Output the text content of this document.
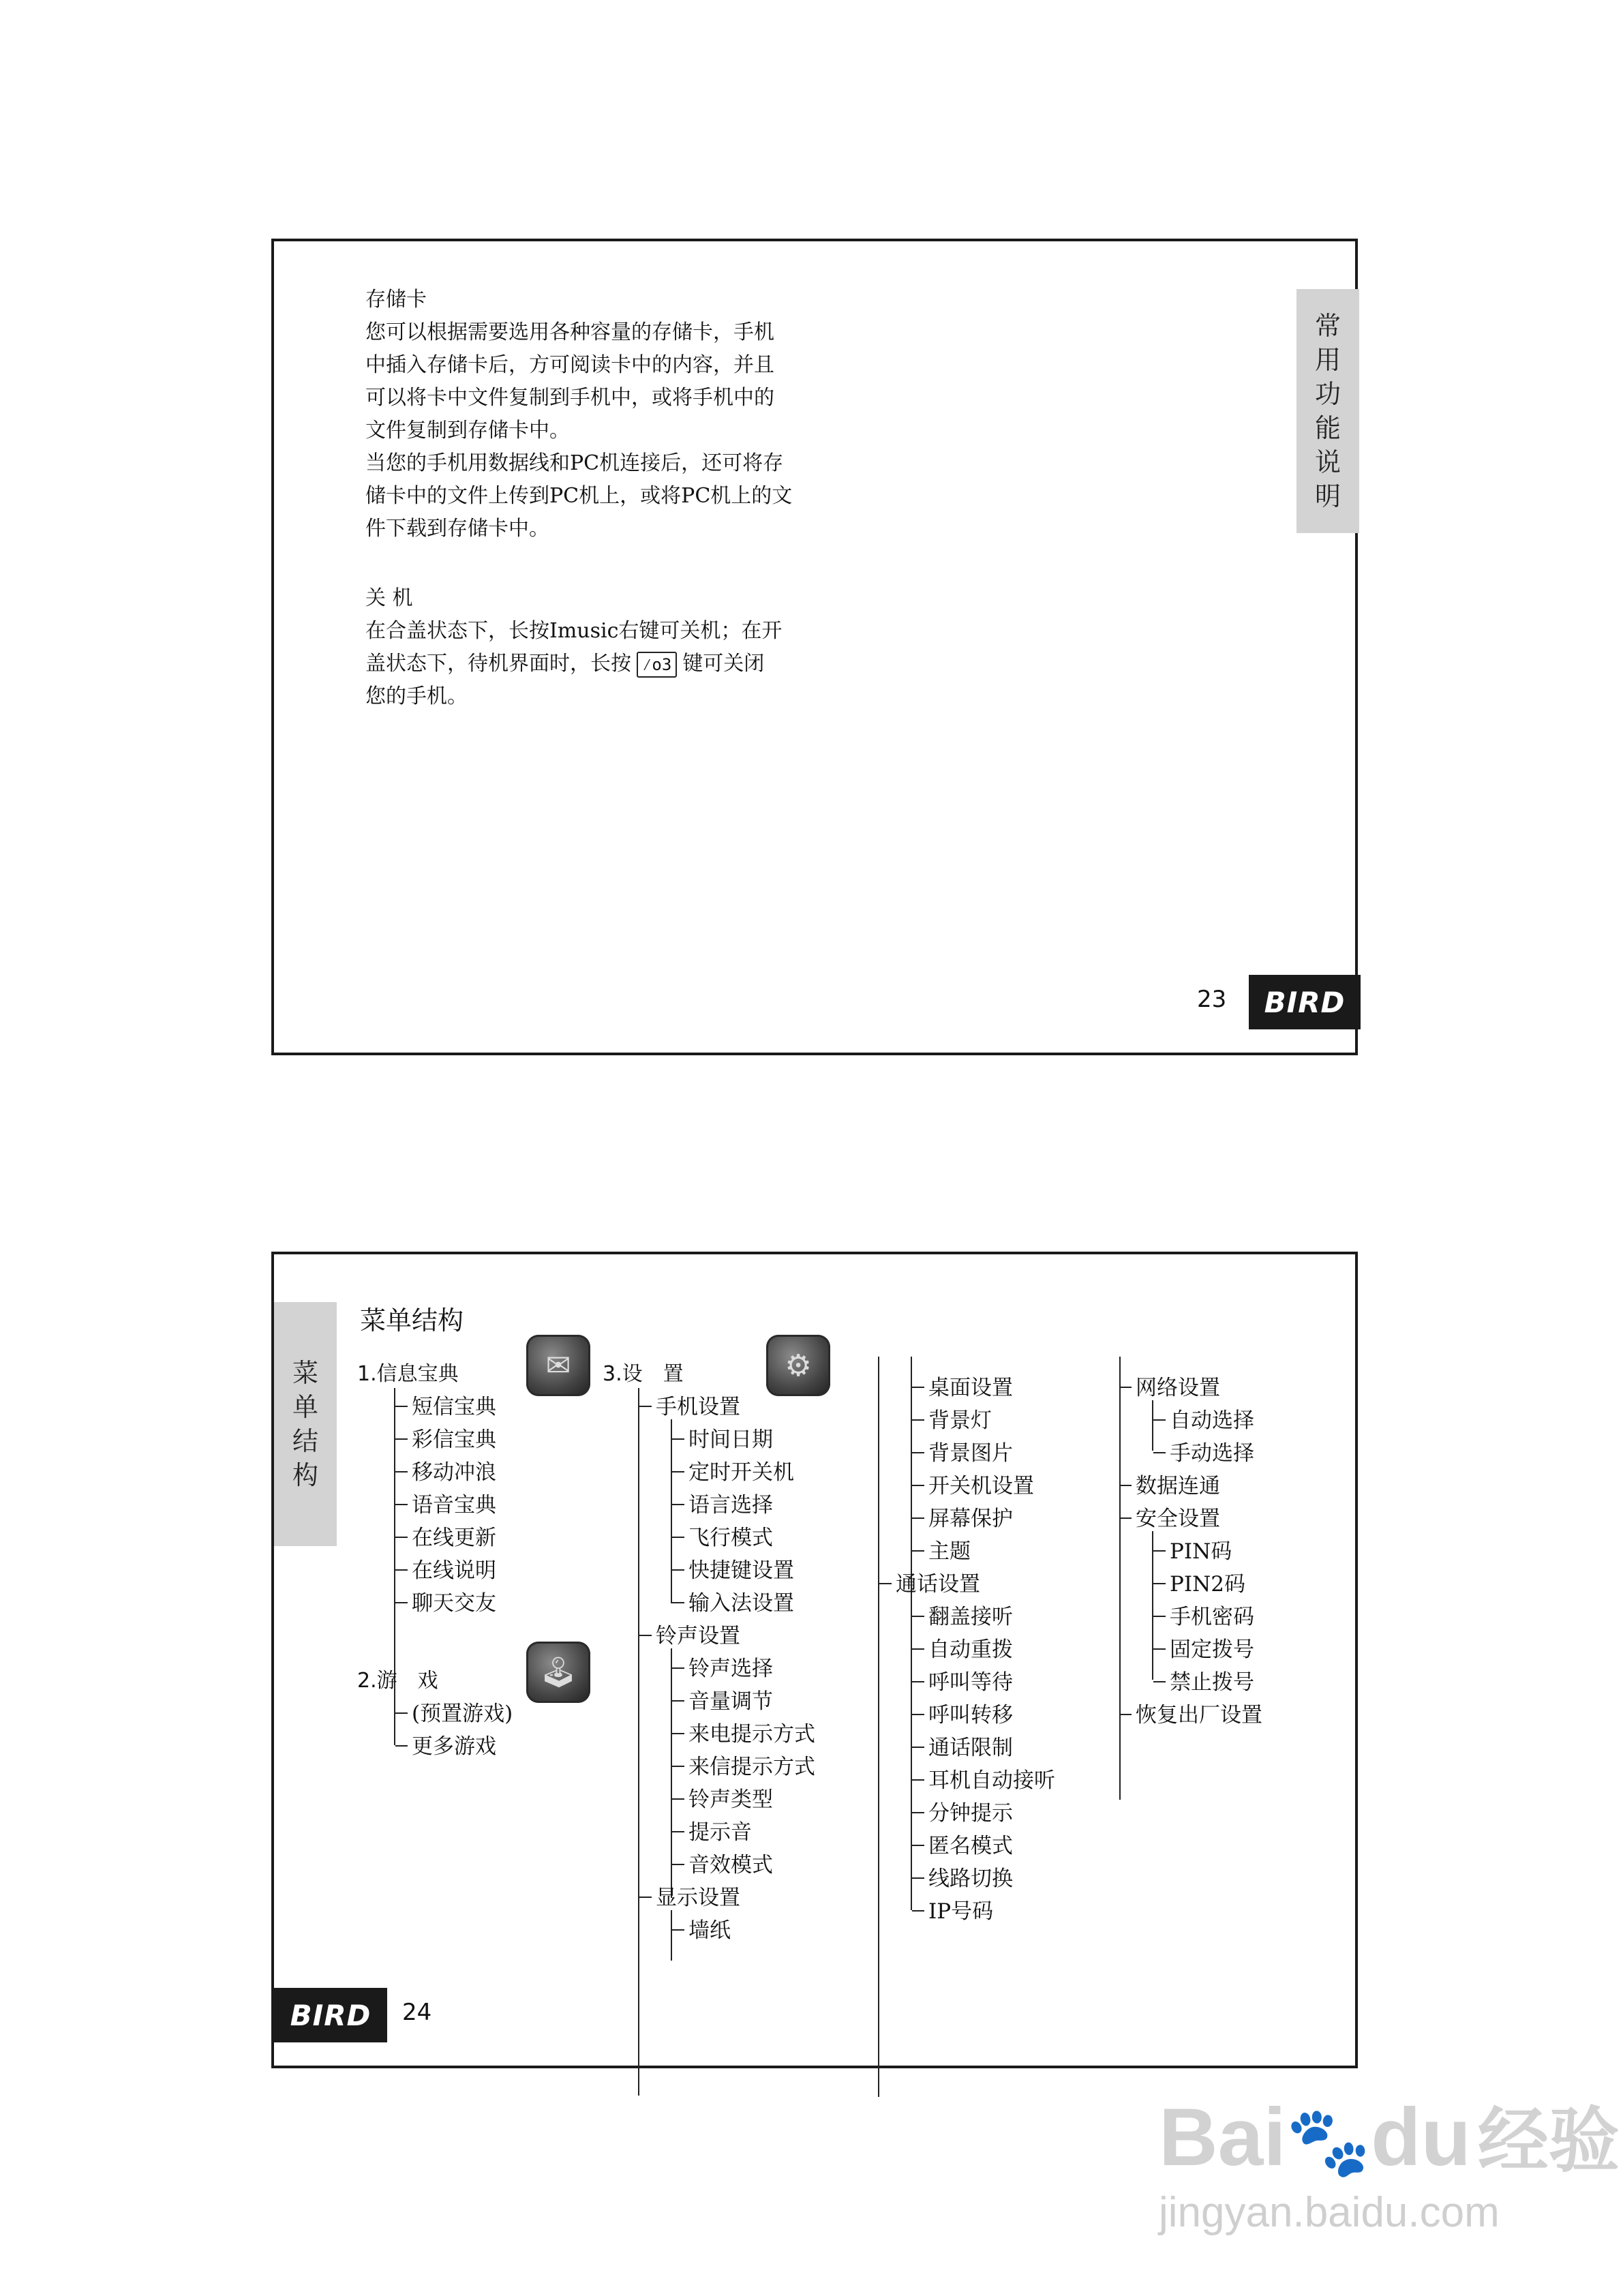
常
用
功
能
说
明
存储卡
您可以根据需要选用各种容量的存储卡，手机
中插入存储卡后，方可阅读卡中的内容，并且
可以将卡中文件复制到手机中，或将手机中的
文件复制到存储卡中。
当您的手机用数据线和PC机连接后，还可将存
储卡中的文件上传到PC机上，或将PC机上的文
件下载到存储卡中。
关 机
在合盖状态下，长按Imusic右键可关机；在开
盖状态下，待机界面时，长按 ⁄o3 键可关闭
您的手机。
23	BIRD
菜
单
结
构
菜单结构
✉
🕹
⚙
1.信息宝典
短信宝典
彩信宝典
移动冲浪
语音宝典
在线更新
在线说明
聊天交友
2.游　戏
(预置游戏)
更多游戏
3.设　置
手机设置
时间日期
定时开关机
语言选择
飞行模式
快捷键设置
输入法设置
铃声设置
铃声选择
音量调节
来电提示方式
来信提示方式
铃声类型
提示音
音效模式
显示设置
墙纸
桌面设置
背景灯
背景图片
开关机设置
屏幕保护
主题
通话设置
翻盖接听
自动重拨
呼叫等待
呼叫转移
通话限制
耳机自动接听
分钟提示
匿名模式
线路切换
IP号码
网络设置
自动选择
手动选择
数据连通
安全设置
PIN码
PIN2码
手机密码
固定拨号
禁止拨号
恢复出厂设置
BIRD	24
Bai🐾du经验
jingyan.baidu.com
